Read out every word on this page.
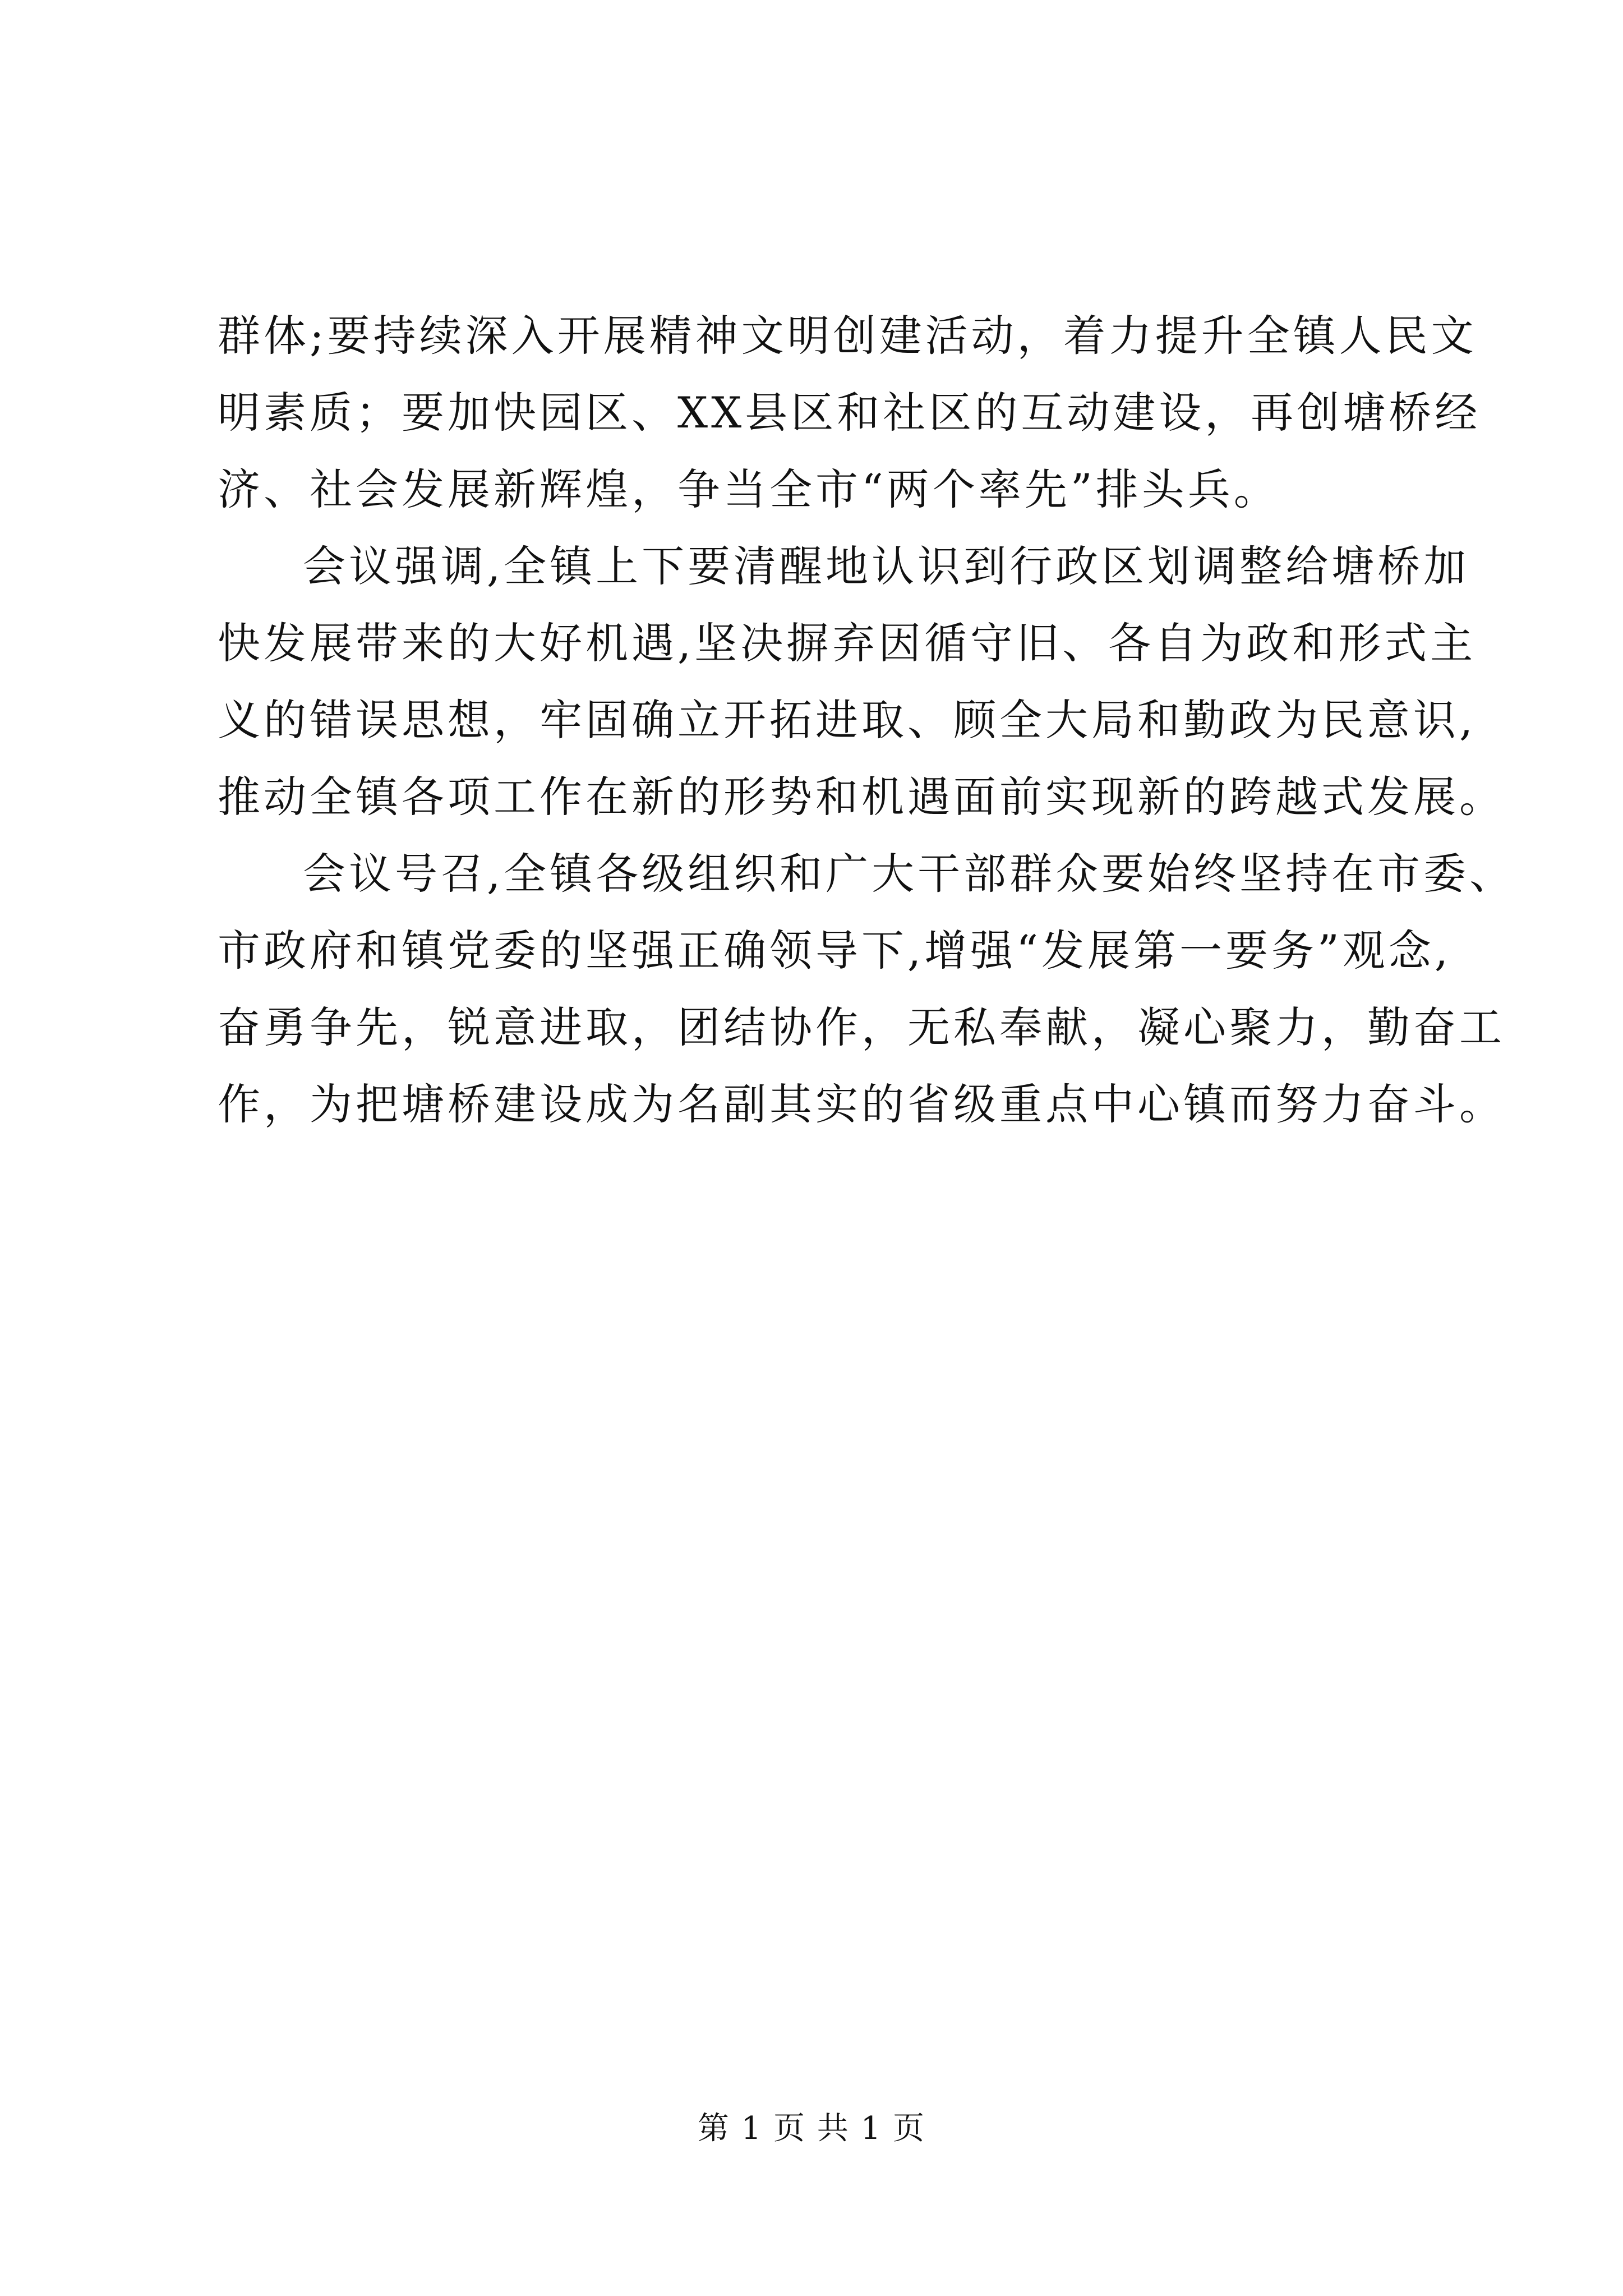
群体;要持续深入开展精神文明创建活动，着力提升全镇人民文
明素质；要加快园区、XX县区和社区的互动建设，再创塘桥经
济、社会发展新辉煌，争当全市“两个率先”排头兵。
会议强调,全镇上下要清醒地认识到行政区划调整给塘桥加
快发展带来的大好机遇,坚决摒弃因循守旧、各自为政和形式主
义的错误思想，牢固确立开拓进取、顾全大局和勤政为民意识,
推动全镇各项工作在新的形势和机遇面前实现新的跨越式发展。
会议号召,全镇各级组织和广大干部群众要始终坚持在市委、
市政府和镇党委的坚强正确领导下,增强“发展第一要务”观念,
奋勇争先，锐意进取，团结协作，无私奉献，凝心聚力，勤奋工
作，为把塘桥建设成为名副其实的省级重点中心镇而努力奋斗。
第 1 页 共 1 页
